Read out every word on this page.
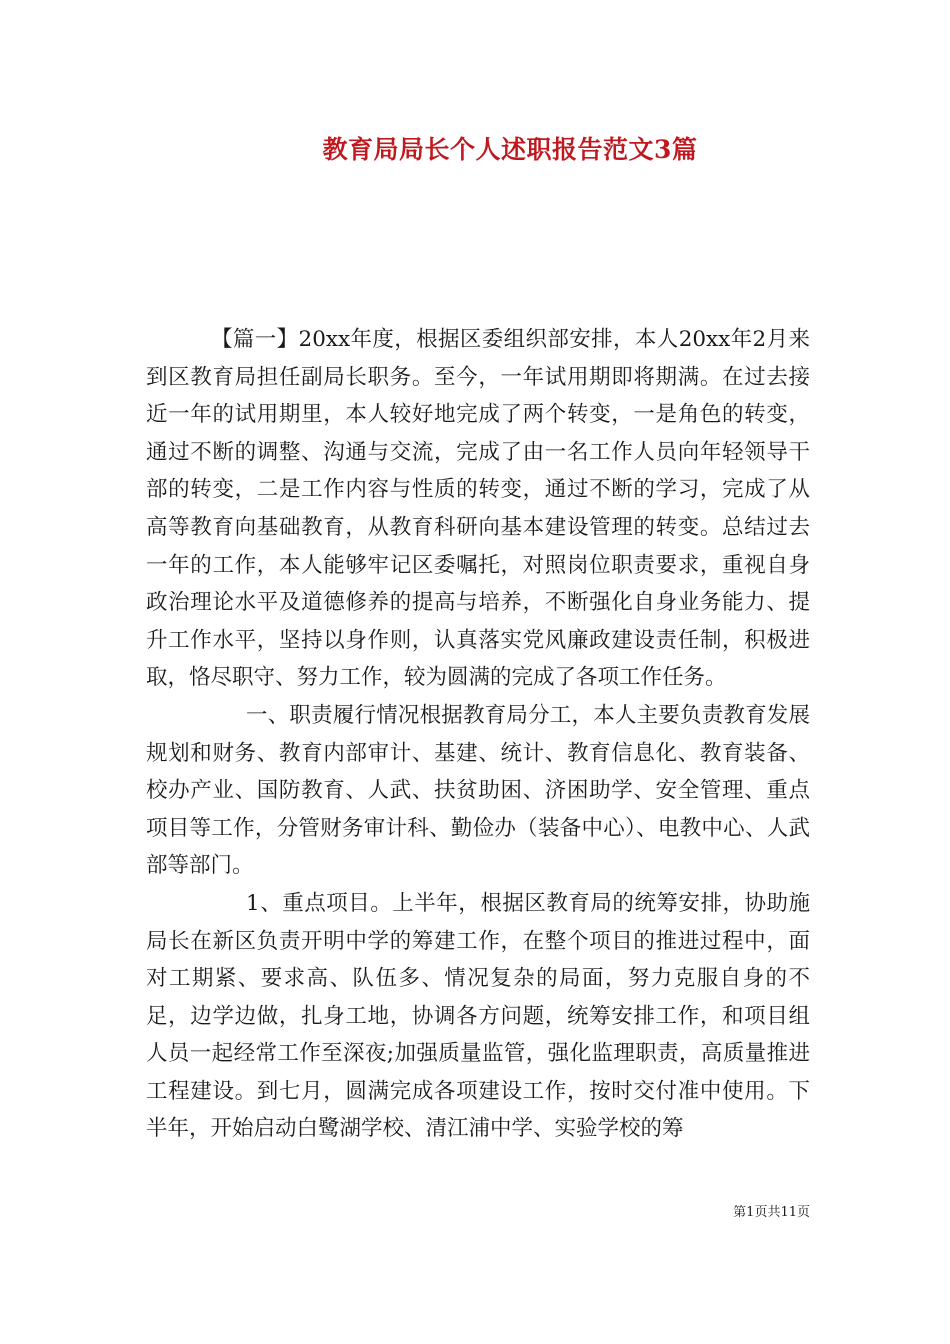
教育局局长个人述职报告范文3篇

【篇一】20xx年度，根据区委组织部安排，本人20xx年2月来到区教育局担任副局长职务。至今，一年试用期即将期满。在过去接近一年的试用期里，本人较好地完成了两个转变，一是角色的转变，通过不断的调整、沟通与交流，完成了由一名工作人员向年轻领导干部的转变，二是工作内容与性质的转变，通过不断的学习，完成了从高等教育向基础教育，从教育科研向基本建设管理的转变。总结过去一年的工作，本人能够牢记区委嘱托，对照岗位职责要求，重视自身政治理论水平及道德修养的提高与培养，不断强化自身业务能力、提升工作水平，坚持以身作则，认真落实党风廉政建设责任制，积极进取，恪尽职守、努力工作，较为圆满的完成了各项工作任务。

一、职责履行情况根据教育局分工，本人主要负责教育发展规划和财务、教育内部审计、基建、统计、教育信息化、教育装备、校办产业、国防教育、人武、扶贫助困、济困助学、安全管理、重点项目等工作，分管财务审计科、勤俭办（装备中心）、电教中心、人武部等部门。

1、重点项目。上半年，根据区教育局的统筹安排，协助施局长在新区负责开明中学的筹建工作，在整个项目的推进过程中，面对工期紧、要求高、队伍多、情况复杂的局面，努力克服自身的不足，边学边做，扎身工地，协调各方问题，统筹安排工作，和项目组人员一起经常工作至深夜;加强质量监管，强化监理职责，高质量推进工程建设。到七月，圆满完成各项建设工作，按时交付准中使用。下半年，开始启动白鹭湖学校、清江浦中学、实验学校的筹

第1页共11页
